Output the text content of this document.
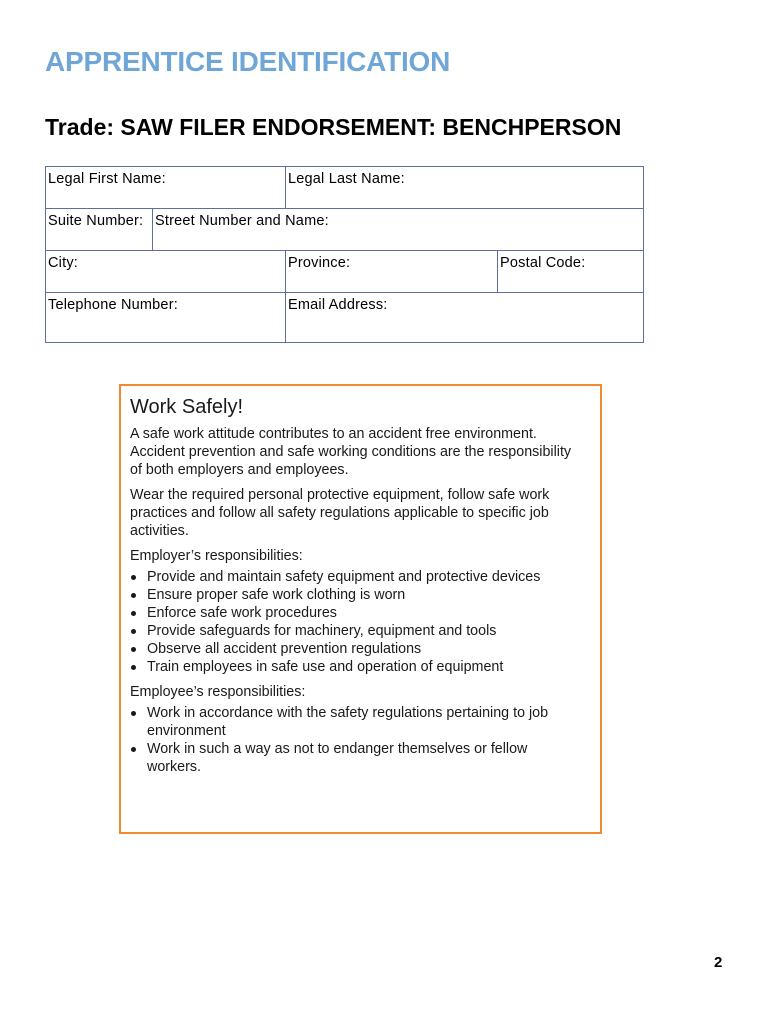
APPRENTICE IDENTIFICATION
Trade: SAW FILER ENDORSEMENT: BENCHPERSON
Legal First Name:		Legal Last Name:	
Suite Number:	Street Number and Name:		
City:		Province:	Postal Code:
Telephone Number:		Email Address:	
Work Safely!

A safe work attitude contributes to an accident free environment. Accident prevention and safe working conditions are the responsibility of both employers and employees.

Wear the required personal protective equipment, follow safe work practices and follow all safety regulations applicable to specific job activities.

Employer’s responsibilities:

Provide and maintain safety equipment and protective devices
Ensure proper safe work clothing is worn
Enforce safe work procedures
Provide safeguards for machinery, equipment and tools
Observe all accident prevention regulations
Train employees in safe use and operation of equipment

Employee’s responsibilities:

Work in accordance with the safety regulations pertaining to job environment
Work in such a way as not to endanger themselves or fellow workers.
2
